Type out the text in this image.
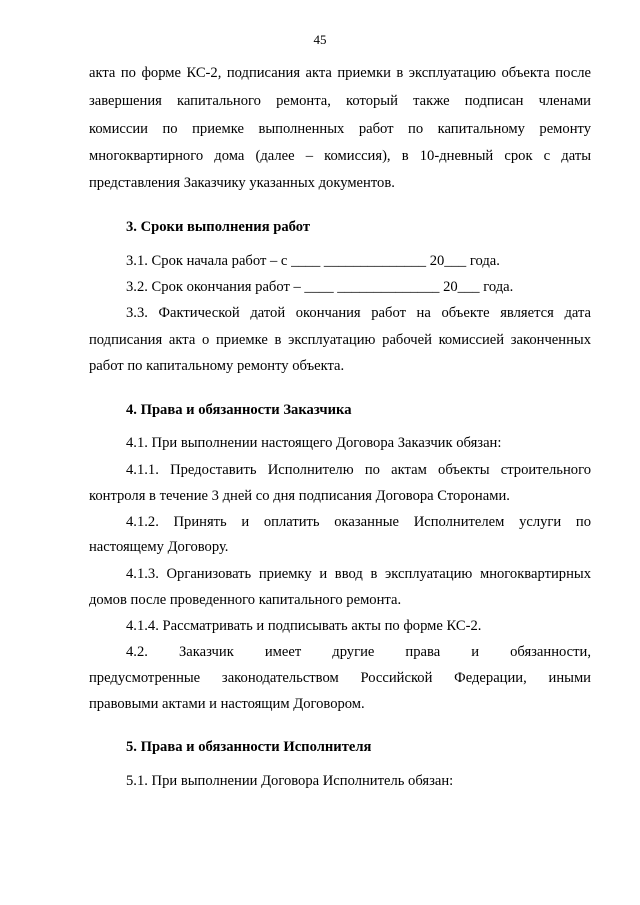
45
акта по форме КС-2, подписания акта приемки в эксплуатацию объекта после
завершения капитального ремонта, который также подписан членами
комиссии по приемке выполненных работ по капитальному ремонту
многоквартирного дома (далее – комиссия), в 10-дневный срок с даты
представления Заказчику указанных документов.
3. Сроки выполнения работ
3.1. Срок начала работ – с ____ ______________ 20___ года.
3.2. Срок окончания работ – ____ ______________ 20___ года.
3.3. Фактической датой окончания работ на объекте является дата
подписания акта о приемке в эксплуатацию рабочей комиссией законченных
работ по капитальному ремонту объекта.
4. Права и обязанности Заказчика
4.1. При выполнении настоящего Договора Заказчик обязан:
4.1.1. Предоставить Исполнителю по актам объекты строительного
контроля в течение 3 дней со дня подписания Договора Сторонами.
4.1.2. Принять и оплатить оказанные Исполнителем услуги по
настоящему Договору.
4.1.3. Организовать приемку и ввод в эксплуатацию многоквартирных
домов после проведенного капитального ремонта.
4.1.4. Рассматривать и подписывать акты по форме КС-2.
4.2. Заказчик имеет другие права и обязанности,
предусмотренные законодательством Российской Федерации, иными
правовыми актами и настоящим Договором.
5. Права и обязанности Исполнителя
5.1. При выполнении Договора Исполнитель обязан:
